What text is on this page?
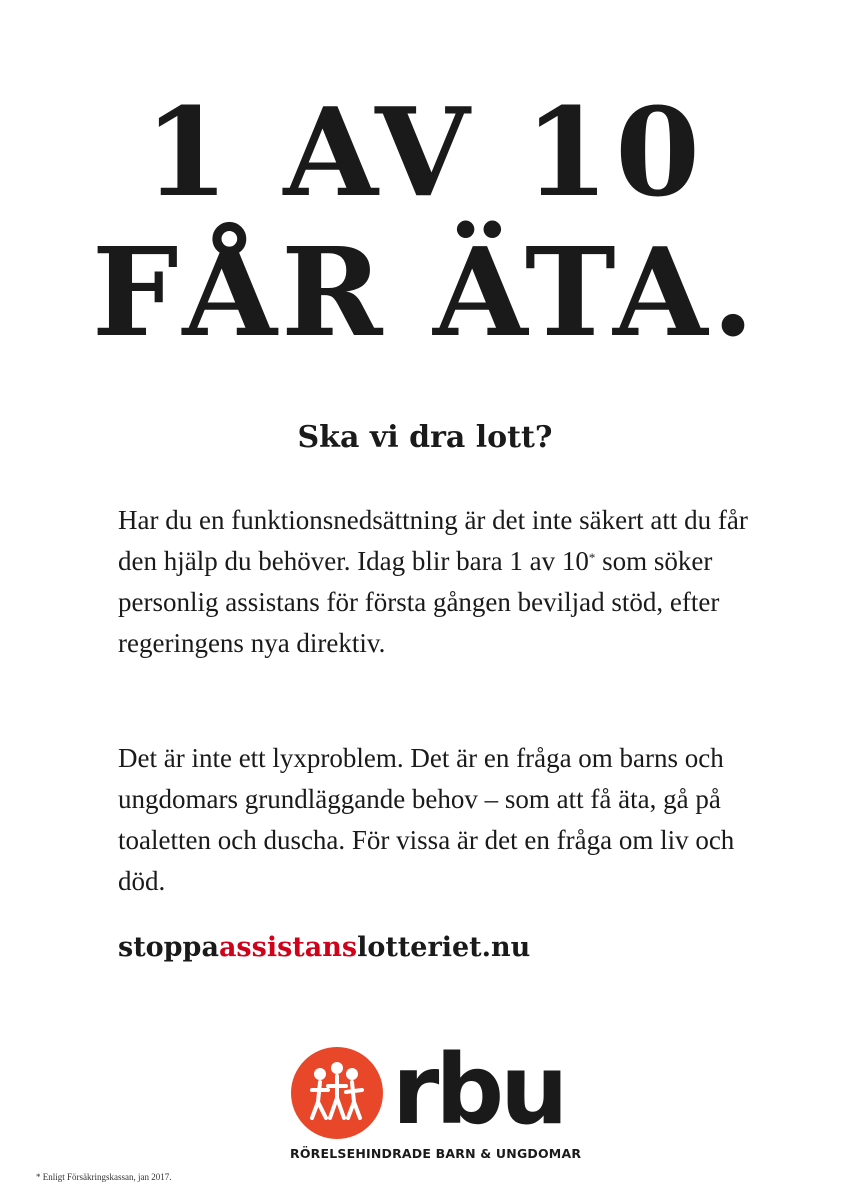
1 AV 10
FÅR ÄTA.
Ska vi dra lott?
Har du en funktionsnedsättning är det inte säkert att du får den hjälp du behöver. Idag blir bara 1 av 10* som söker personlig assistans för första gången beviljad stöd, efter regeringens nya direktiv.
Det är inte ett lyxproblem. Det är en fråga om barns och ungdomars grundläggande behov – som att få äta, gå på toaletten och duscha. För vissa är det en fråga om liv och död.
stoppaassistanslotteriet.nu
rbu
RÖRELSEHINDRADE BARN & UNGDOMAR
* Enligt Försäkringskassan, jan 2017.
